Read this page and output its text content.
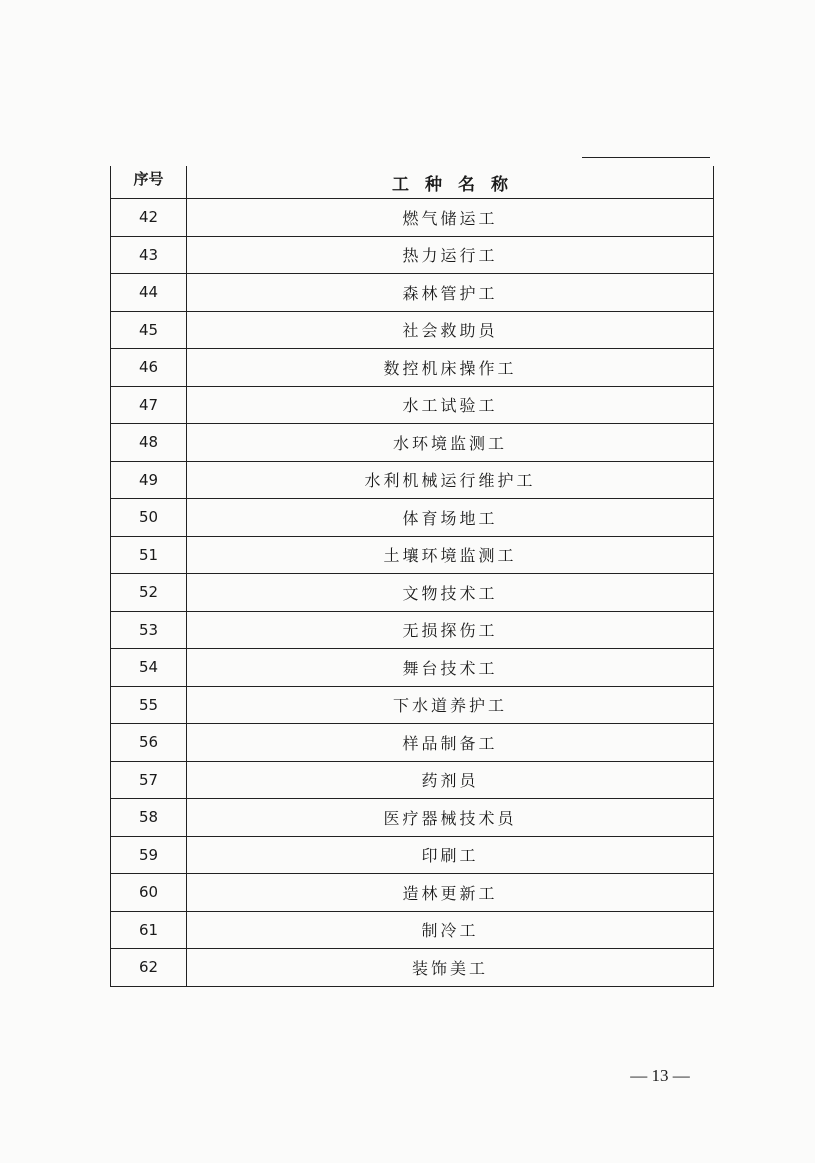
序号	工种名称
42	燃气储运工
43	热力运行工
44	森林管护工
45	社会救助员
46	数控机床操作工
47	水工试验工
48	水环境监测工
49	水利机械运行维护工
50	体育场地工
51	土壤环境监测工
52	文物技术工
53	无损探伤工
54	舞台技术工
55	下水道养护工
56	样品制备工
57	药剂员
58	医疗器械技术员
59	印刷工
60	造林更新工
61	制冷工
62	装饰美工
— 13 —
